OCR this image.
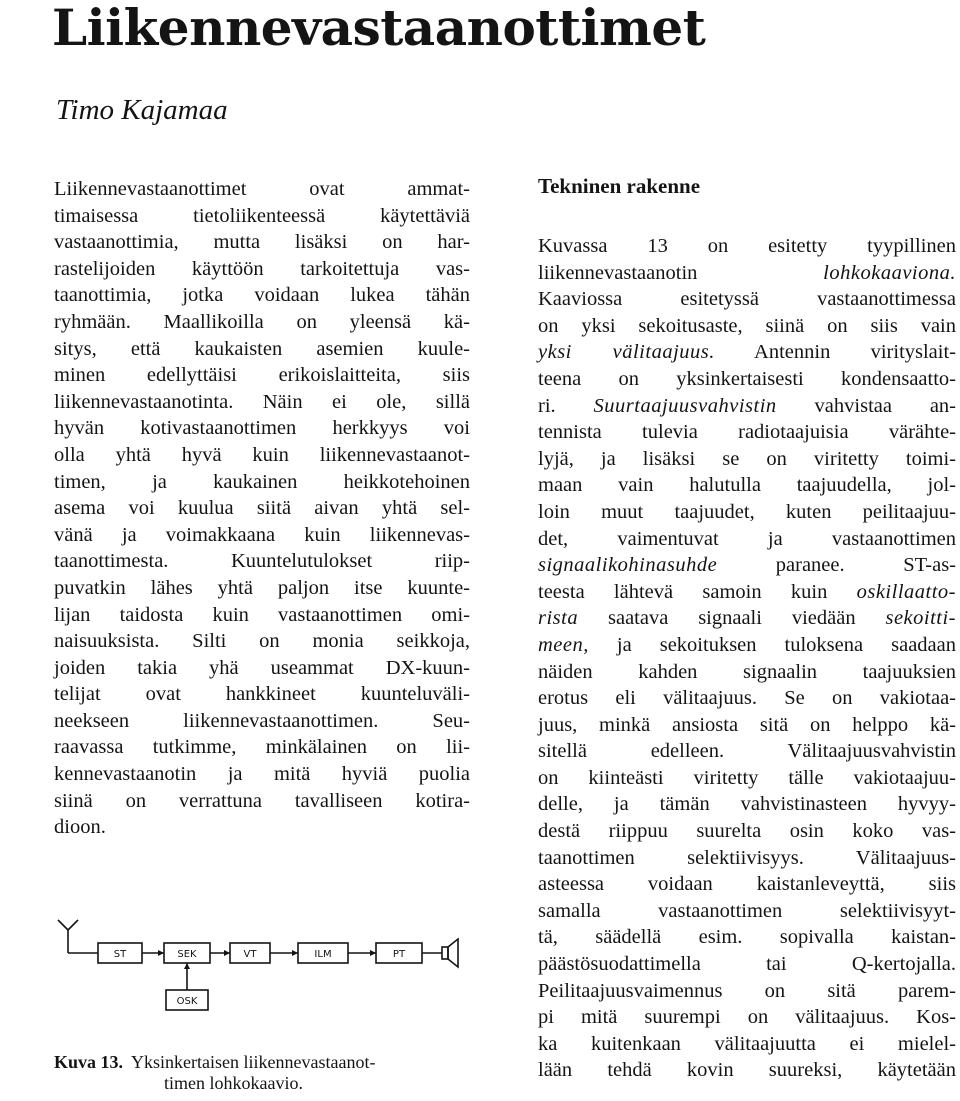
Liikennevastaanottimet
Timo Kajamaa
Liikennevastaanottimet ovat ammat-
timaisessa tietoliikenteessä käytettäviä
vastaanottimia, mutta lisäksi on har-
rastelijoiden käyttöön tarkoitettuja vas-
taanottimia, jotka voidaan lukea tähän
ryhmään. Maallikoilla on yleensä kä-
sitys, että kaukaisten asemien kuule-
minen edellyttäisi erikoislaitteita, siis
liikennevastaanotinta. Näin ei ole, sillä
hyvän kotivastaanottimen herkkyys voi
olla yhtä hyvä kuin liikennevastaanot-
timen, ja kaukainen heikkotehoinen
asema voi kuulua siitä aivan yhtä sel-
vänä ja voimakkaana kuin liikennevas-
taanottimesta. Kuuntelutulokset riip-
puvatkin lähes yhtä paljon itse kuunte-
lijan taidosta kuin vastaanottimen omi-
naisuuksista. Silti on monia seikkoja,
joiden takia yhä useammat DX-kuun-
telijat ovat hankkineet kuunteluväli-
neekseen liikennevastaanottimen. Seu-
raavassa tutkimme, minkälainen on lii-
kennevastaanotin ja mitä hyviä puolia
siinä on verrattuna tavalliseen kotira-
dioon.
ST	SEK	VT	ILM	PT
OSK

Kuva 13. Yksinkertaisen liikennevastaanot-
timen lohkokaavio.

Tekninen rakenne
Kuvassa 13 on esitetty tyypillinen
liikennevastaanotin	lohkokaaviona.
Kaaviossa esitetyssä vastaanottimessa
on yksi sekoitusaste, siinä on siis vain
yksi välitaajuus. Antennin virityslait-
teena on yksinkertaisesti kondensaatto-
ri. Suurtaajuusvahvistin vahvistaa an-
tennista tulevia radiotaajuisia värähte-
lyjä, ja lisäksi se on viritetty toimi-
maan vain halutulla taajuudella, jol-
loin muut taajuudet, kuten peilitaajuu-
det, vaimentuvat ja vastaanottimen
signaalikohinasuhde	paranee. ST-as-
teesta lähtevä samoin kuin oskillaatto-
rista saatava signaali viedään sekoitti-
meen, ja sekoituksen tuloksena saadaan
näiden kahden signaalin taajuuksien
erotus eli välitaajuus. Se on vakiotaa-
juus, minkä ansiosta sitä on helppo kä-
sitellä edelleen. Välitaajuusvahvistin
on kiinteästi viritetty tälle vakiotaajuu-
delle, ja tämän vahvistinasteen hyvyy-
destä riippuu suurelta osin koko vas-
taanottimen selektiivisyys. Välitaajuus-
asteessa voidaan kaistanleveyttä, siis
samalla vastaanottimen selektiivisyyt-
tä, säädellä esim. sopivalla kaistan-
päästösuodattimella tai Q-kertojalla.
Peilitaajuusvaimennus on sitä parem-
pi mitä suurempi on välitaajuus. Kos-
ka kuitenkaan välitaajuutta ei mielel-
lään tehdä kovin suureksi, käytetään
